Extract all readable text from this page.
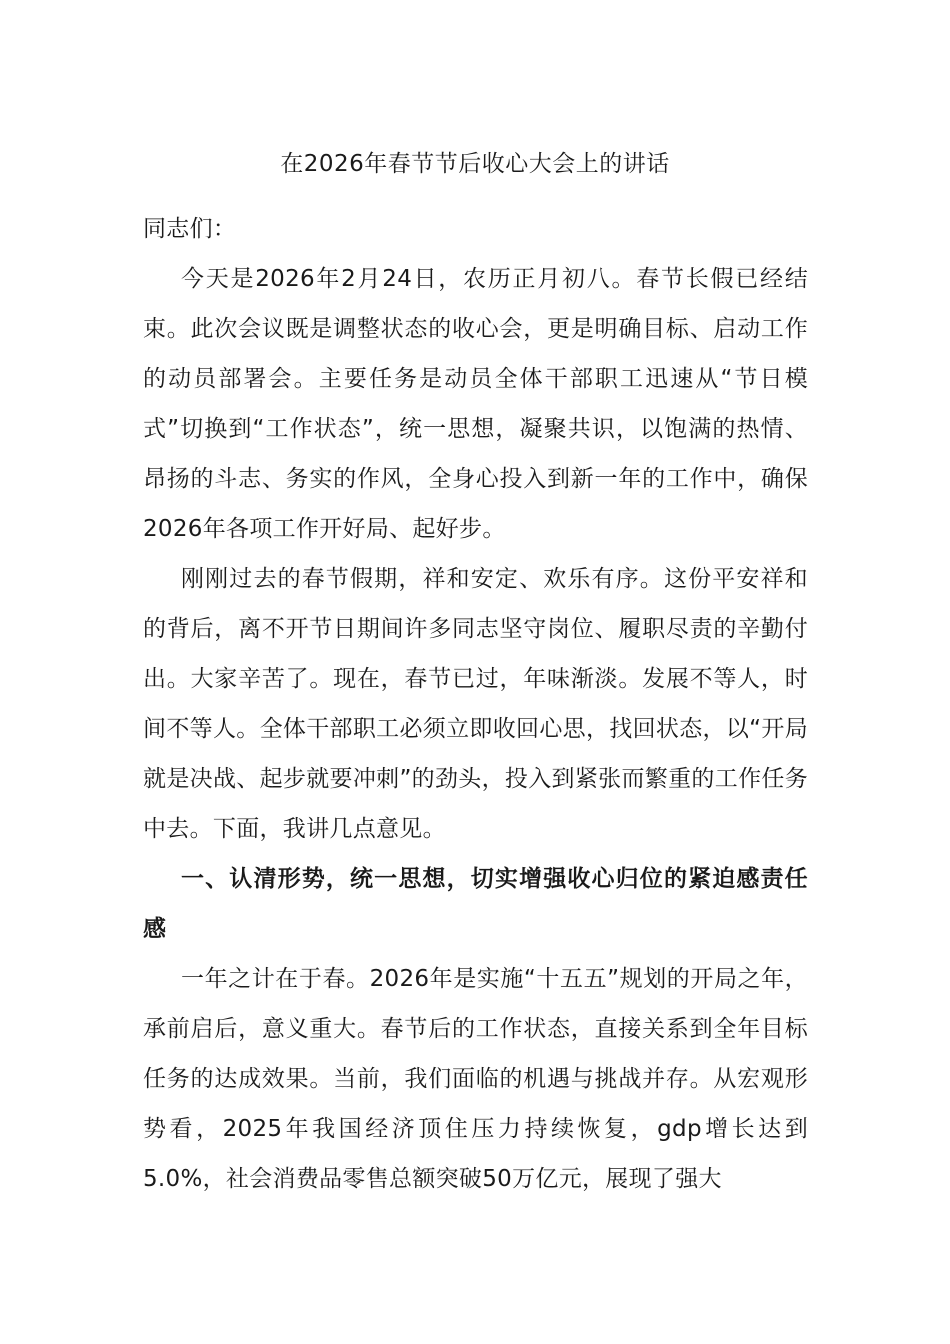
在2026年春节节后收心大会上的讲话

同志们：

今天是2026年2月24日，农历正月初八。春节长假已经结束。此次会议既是调整状态的收心会，更是明确目标、启动工作的动员部署会。主要任务是动员全体干部职工迅速从“节日模式”切换到“工作状态”，统一思想，凝聚共识，以饱满的热情、昂扬的斗志、务实的作风，全身心投入到新一年的工作中，确保2026年各项工作开好局、起好步。

刚刚过去的春节假期，祥和安定、欢乐有序。这份平安祥和的背后，离不开节日期间许多同志坚守岗位、履职尽责的辛勤付出。大家辛苦了。现在，春节已过，年味渐淡。发展不等人，时间不等人。全体干部职工必须立即收回心思，找回状态，以“开局就是决战、起步就要冲刺”的劲头，投入到紧张而繁重的工作任务中去。下面，我讲几点意见。

一、认清形势，统一思想，切实增强收心归位的紧迫感责任感

一年之计在于春。2026年是实施“十五五”规划的开局之年，承前启后，意义重大。春节后的工作状态，直接关系到全年目标任务的达成效果。当前，我们面临的机遇与挑战并存。从宏观形势看，2025年我国经济顶住压力持续恢复，gdp增长达到5.0%，社会消费品零售总额突破50万亿元，展现了强大
